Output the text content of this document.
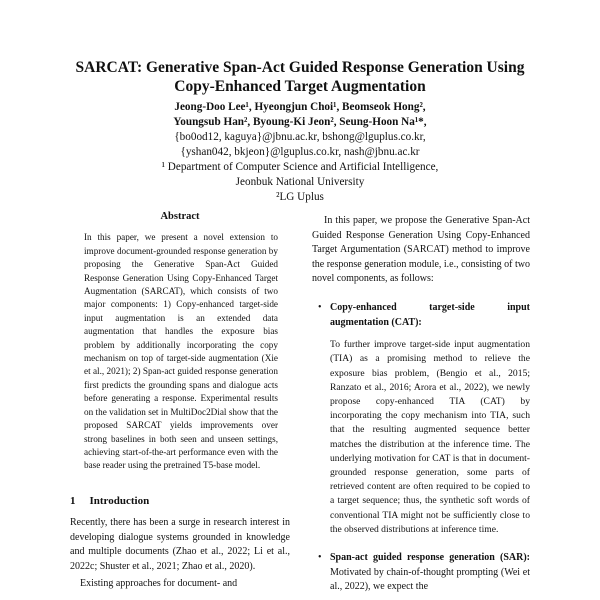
SARCAT: Generative Span-Act Guided Response Generation Using
Copy-Enhanced Target Augmentation

Jeong-Doo Lee¹, Hyeongjun Choi¹, Beomseok Hong²,
Youngsub Han², Byoung-Ki Jeon², Seung-Hoon Na¹*,
{bo0od12, kaguya}@jbnu.ac.kr, bshong@lguplus.co.kr,
{yshan042, bkjeon}@lguplus.co.kr, nash@jbnu.ac.kr
¹ Department of Computer Science and Artificial Intelligence,
Jeonbuk National University
²LG Uplus
Abstract
In this paper, we present a novel extension to improve document-grounded response generation by proposing the Generative Span-Act Guided Response Generation Using Copy-Enhanced Target Augmentation (SARCAT), which consists of two major components: 1) Copy-enhanced target-side input augmentation is an extended data augmentation that handles the exposure bias problem by additionally incorporating the copy mechanism on top of target-side augmentation (Xie et al., 2021); 2) Span-act guided response generation first predicts the grounding spans and dialogue acts before generating a response. Experimental results on the validation set in MultiDoc2Dial show that the proposed SARCAT yields improvements over strong baselines in both seen and unseen settings, achieving start-of-the-art performance even with the base reader using the pretrained T5-base model.
1 Introduction
Recently, there has been a surge in research interest in developing dialogue systems grounded in knowledge and multiple documents (Zhao et al., 2022; Li et al., 2022c; Shuster et al., 2021; Zhao et al., 2020).
Existing approaches for document- and
In this paper, we propose the Generative Span-Act Guided Response Generation Using Copy-Enhanced Target Argumentation (SARCAT) method to improve the response generation module, i.e., consisting of two novel components, as follows:
• Copy-enhanced target-side input augmentation (CAT):
To further improve target-side input augmentation (TIA) as a promising method to relieve the exposure bias problem, (Bengio et al., 2015; Ranzato et al., 2016; Arora et al., 2022), we newly propose copy-enhanced TIA (CAT) by incorporating the copy mechanism into TIA, such that the resulting augmented sequence better matches the distribution at the inference time. The underlying motivation for CAT is that in document-grounded response generation, some parts of retrieved content are often required to be copied to a target sequence; thus, the synthetic soft words of conventional TIA might not be sufficiently close to the observed distributions at inference time.
• Span-act guided response generation (SAR): Motivated by chain-of-thought prompting (Wei et al., 2022), we expect the
